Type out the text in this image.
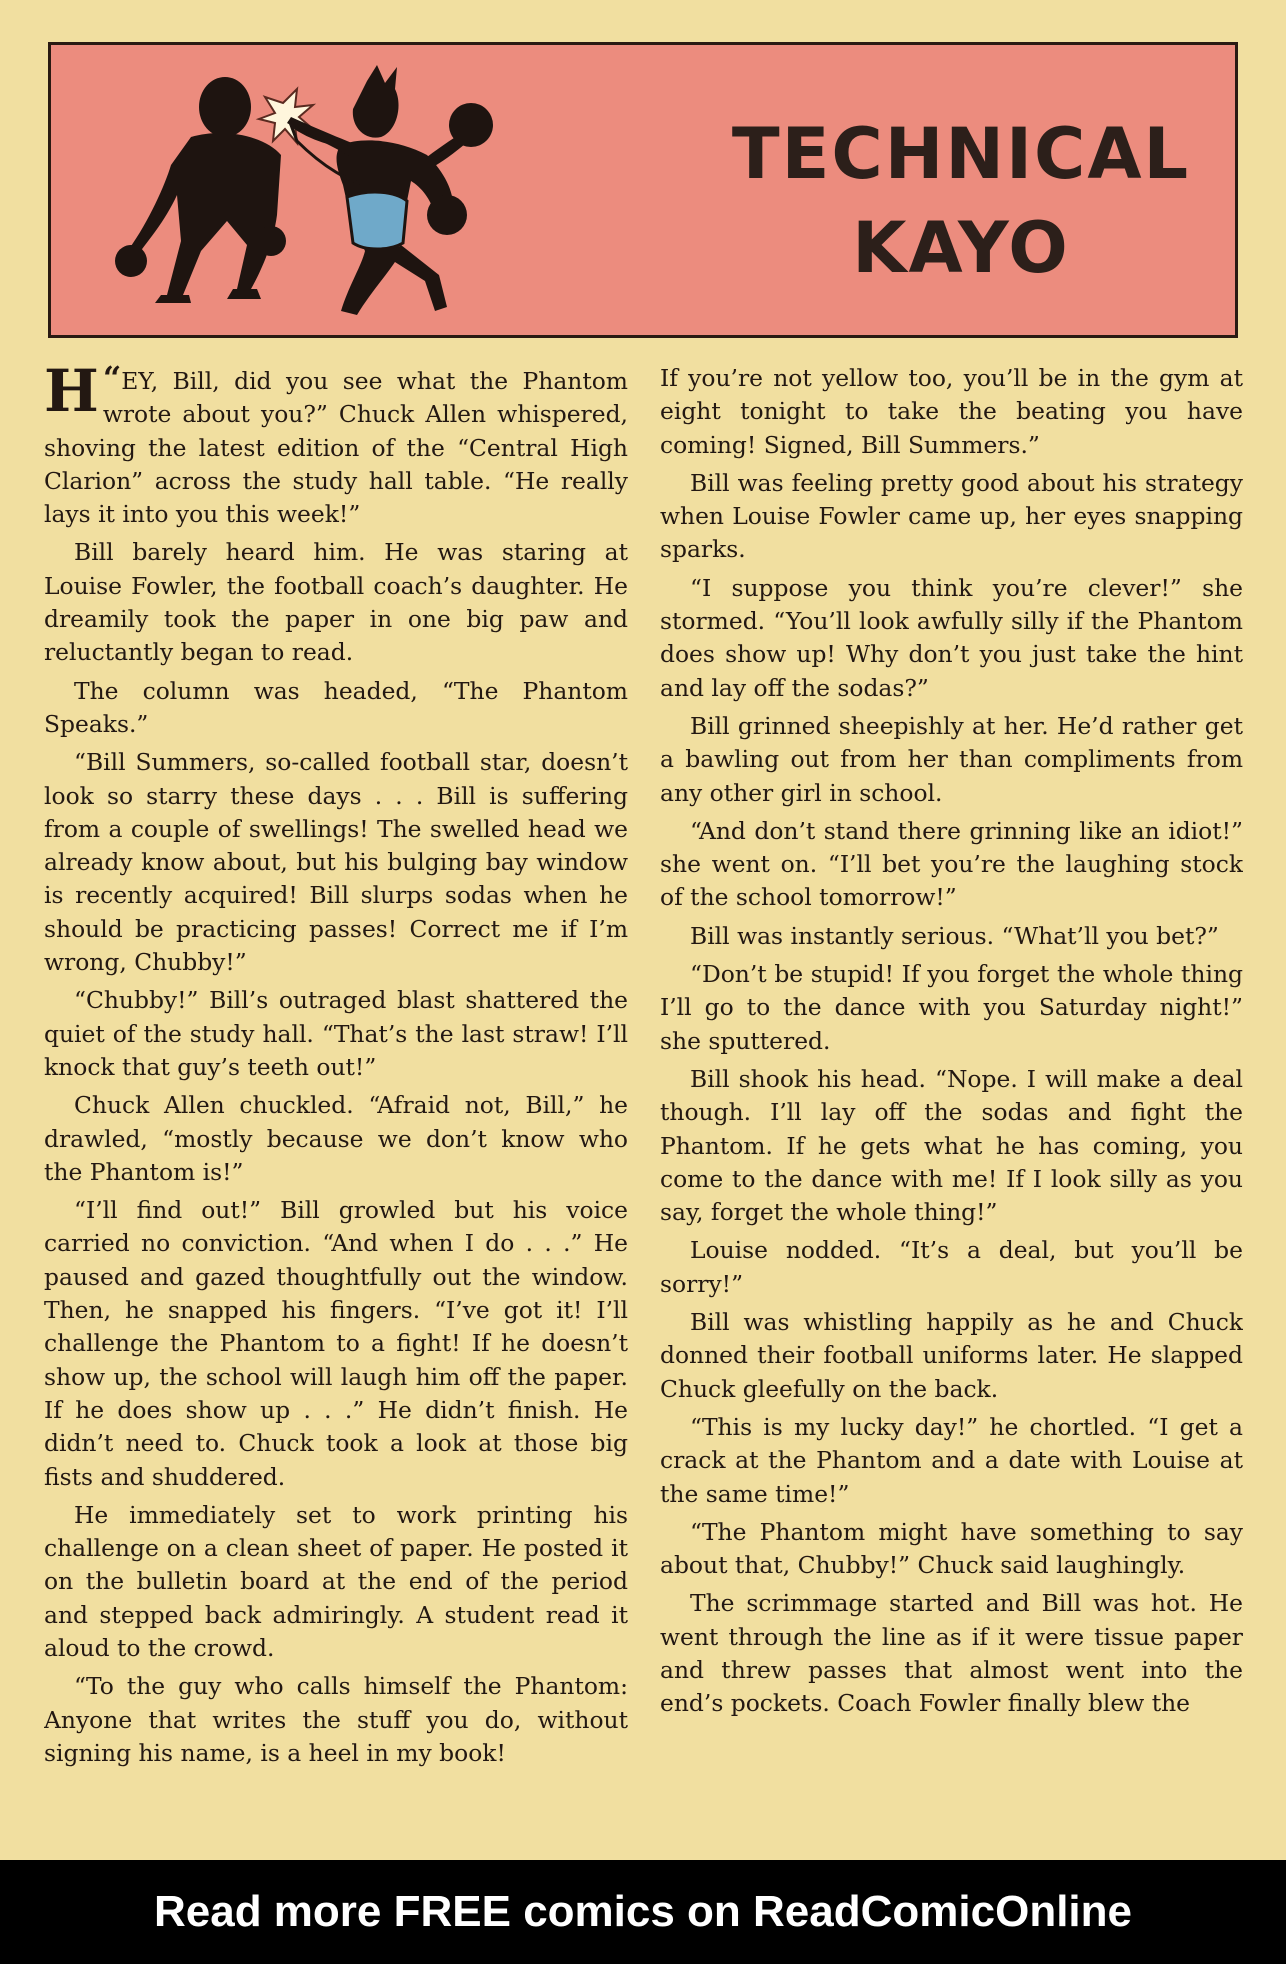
TECHNICAL
KAYO

“
H EY, Bill, did you see what the Phantom wrote about you?” Chuck Allen whispered, shoving the latest edition of the “Central High Clarion” across the study hall table. “He really lays it into you this week!”

Bill barely heard him. He was staring at Louise Fowler, the football coach’s daughter. He dreamily took the paper in one big paw and reluctantly began to read.

The column was headed, “The Phantom Speaks.”

“Bill Summers, so-called football star, doesn’t look so starry these days . . . Bill is suffering from a couple of swellings! The swelled head we already know about, but his bulging bay window is recently acquired! Bill slurps sodas when he should be practicing passes! Correct me if I’m wrong, Chubby!”

“Chubby!” Bill’s outraged blast shattered the quiet of the study hall. “That’s the last straw! I’ll knock that guy’s teeth out!”

Chuck Allen chuckled. “Afraid not, Bill,” he drawled, “mostly because we don’t know who the Phantom is!”

“I’ll find out!” Bill growled but his voice carried no conviction. “And when I do . . .” He paused and gazed thoughtfully out the window. Then, he snapped his fingers. “I’ve got it! I’ll challenge the Phantom to a fight! If he doesn’t show up, the school will laugh him off the paper. If he does show up . . .” He didn’t finish. He didn’t need to. Chuck took a look at those big fists and shuddered.

He immediately set to work printing his challenge on a clean sheet of paper. He posted it on the bulletin board at the end of the period and stepped back admiringly. A student read it aloud to the crowd.

“To the guy who calls himself the Phantom: Anyone that writes the stuff you do, without signing his name, is a heel in my book!

If you’re not yellow too, you’ll be in the gym at eight tonight to take the beating you have coming! Signed, Bill Summers.”

Bill was feeling pretty good about his strategy when Louise Fowler came up, her eyes snapping sparks.

“I suppose you think you’re clever!” she stormed. “You’ll look awfully silly if the Phantom does show up! Why don’t you just take the hint and lay off the sodas?”

Bill grinned sheepishly at her. He’d rather get a bawling out from her than compliments from any other girl in school.

“And don’t stand there grinning like an idiot!” she went on. “I’ll bet you’re the laughing stock of the school tomorrow!”

Bill was instantly serious. “What’ll you bet?”

“Don’t be stupid! If you forget the whole thing I’ll go to the dance with you Saturday night!” she sputtered.

Bill shook his head. “Nope. I will make a deal though. I’ll lay off the sodas and fight the Phantom. If he gets what he has coming, you come to the dance with me! If I look silly as you say, forget the whole thing!”

Louise nodded. “It’s a deal, but you’ll be sorry!”

Bill was whistling happily as he and Chuck donned their football uniforms later. He slapped Chuck gleefully on the back.

“This is my lucky day!” he chortled. “I get a crack at the Phantom and a date with Louise at the same time!”

“The Phantom might have something to say about that, Chubby!” Chuck said laughingly.

The scrimmage started and Bill was hot. He went through the line as if it were tissue paper and threw passes that almost went into the end’s pockets. Coach Fowler finally blew the

Read more FREE comics on ReadComicOnline
